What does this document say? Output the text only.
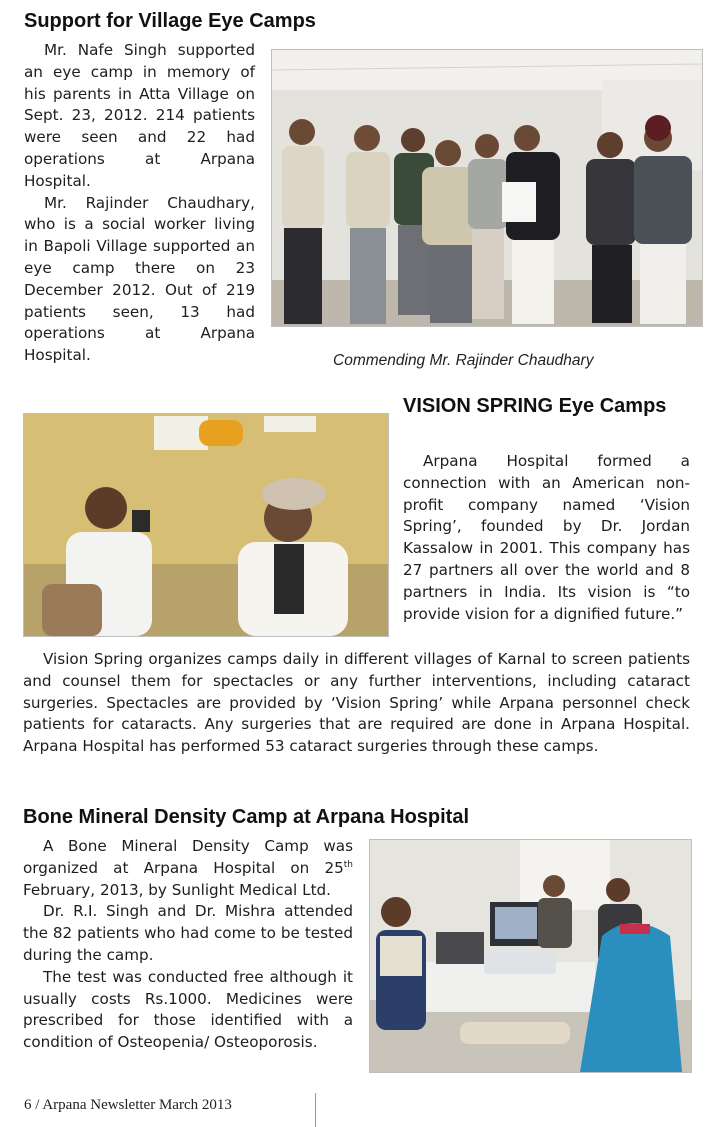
Support for Village Eye Camps

Mr. Nafe Singh supported an eye camp in memory of his parents in Atta Village on Sept. 23, 2012. 214 patients were seen and 22 had operations at Arpana Hospital.

Mr. Rajinder Chaudhary, who is a social worker living in Bapoli Village supported an eye camp there on 23 December 2012. Out of 219 patients seen, 13 had operations at Arpana Hospital.	Commending Mr. Rajinder Chaudhary
VISION SPRING Eye Camps

Arpana Hospital formed a connection with an American non-profit company named ‘Vision Spring’, founded by Dr. Jordan Kassalow in 2001. This company has 27 partners all over the world and 8 partners in India. Its vision is “to provide vision for a dignified future.”

Vision Spring organizes camps daily in different villages of Karnal to screen patients and counsel them for spectacles or any further interventions, including cataract surgeries. Spectacles are provided by ‘Vision Spring’ while Arpana personnel check patients for cataracts. Any surgeries that are required are done in Arpana Hospital. Arpana Hospital has performed 53 cataract surgeries through these camps.

Bone Mineral Density Camp at Arpana Hospital

A Bone Mineral Density Camp was organized at Arpana Hospital on 25th February, 2013, by Sunlight Medical Ltd.

Dr. R.I. Singh and Dr. Mishra attended the 82 patients who had come to be tested during the camp.

The test was conducted free although it usually costs Rs.1000. Medicines were prescribed for those identified with a condition of Osteopenia/ Osteoporosis.

6 / Arpana Newsletter March 2013
